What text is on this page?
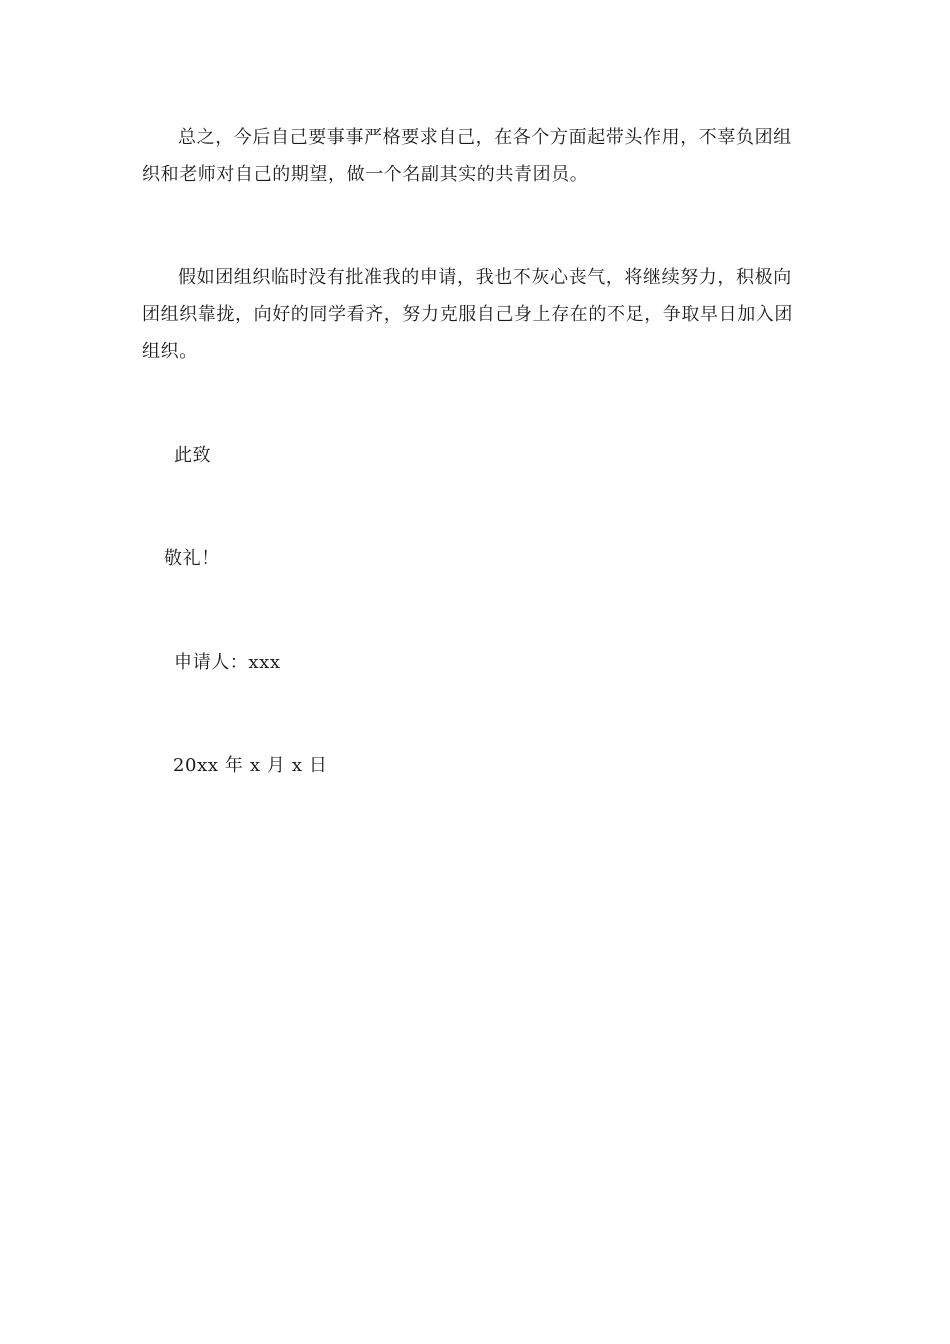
总之，今后自己要事事严格要求自己，在各个方面起带头作用，不辜负团组织和老师对自己的期望，做一个名副其实的共青团员。

假如团组织临时没有批准我的申请，我也不灰心丧气，将继续努力，积极向团组织靠拢，向好的同学看齐，努力克服自己身上存在的不足，争取早日加入团组织。

此致

敬礼！

申请人：xxx

20xx 年 x 月 x 日
